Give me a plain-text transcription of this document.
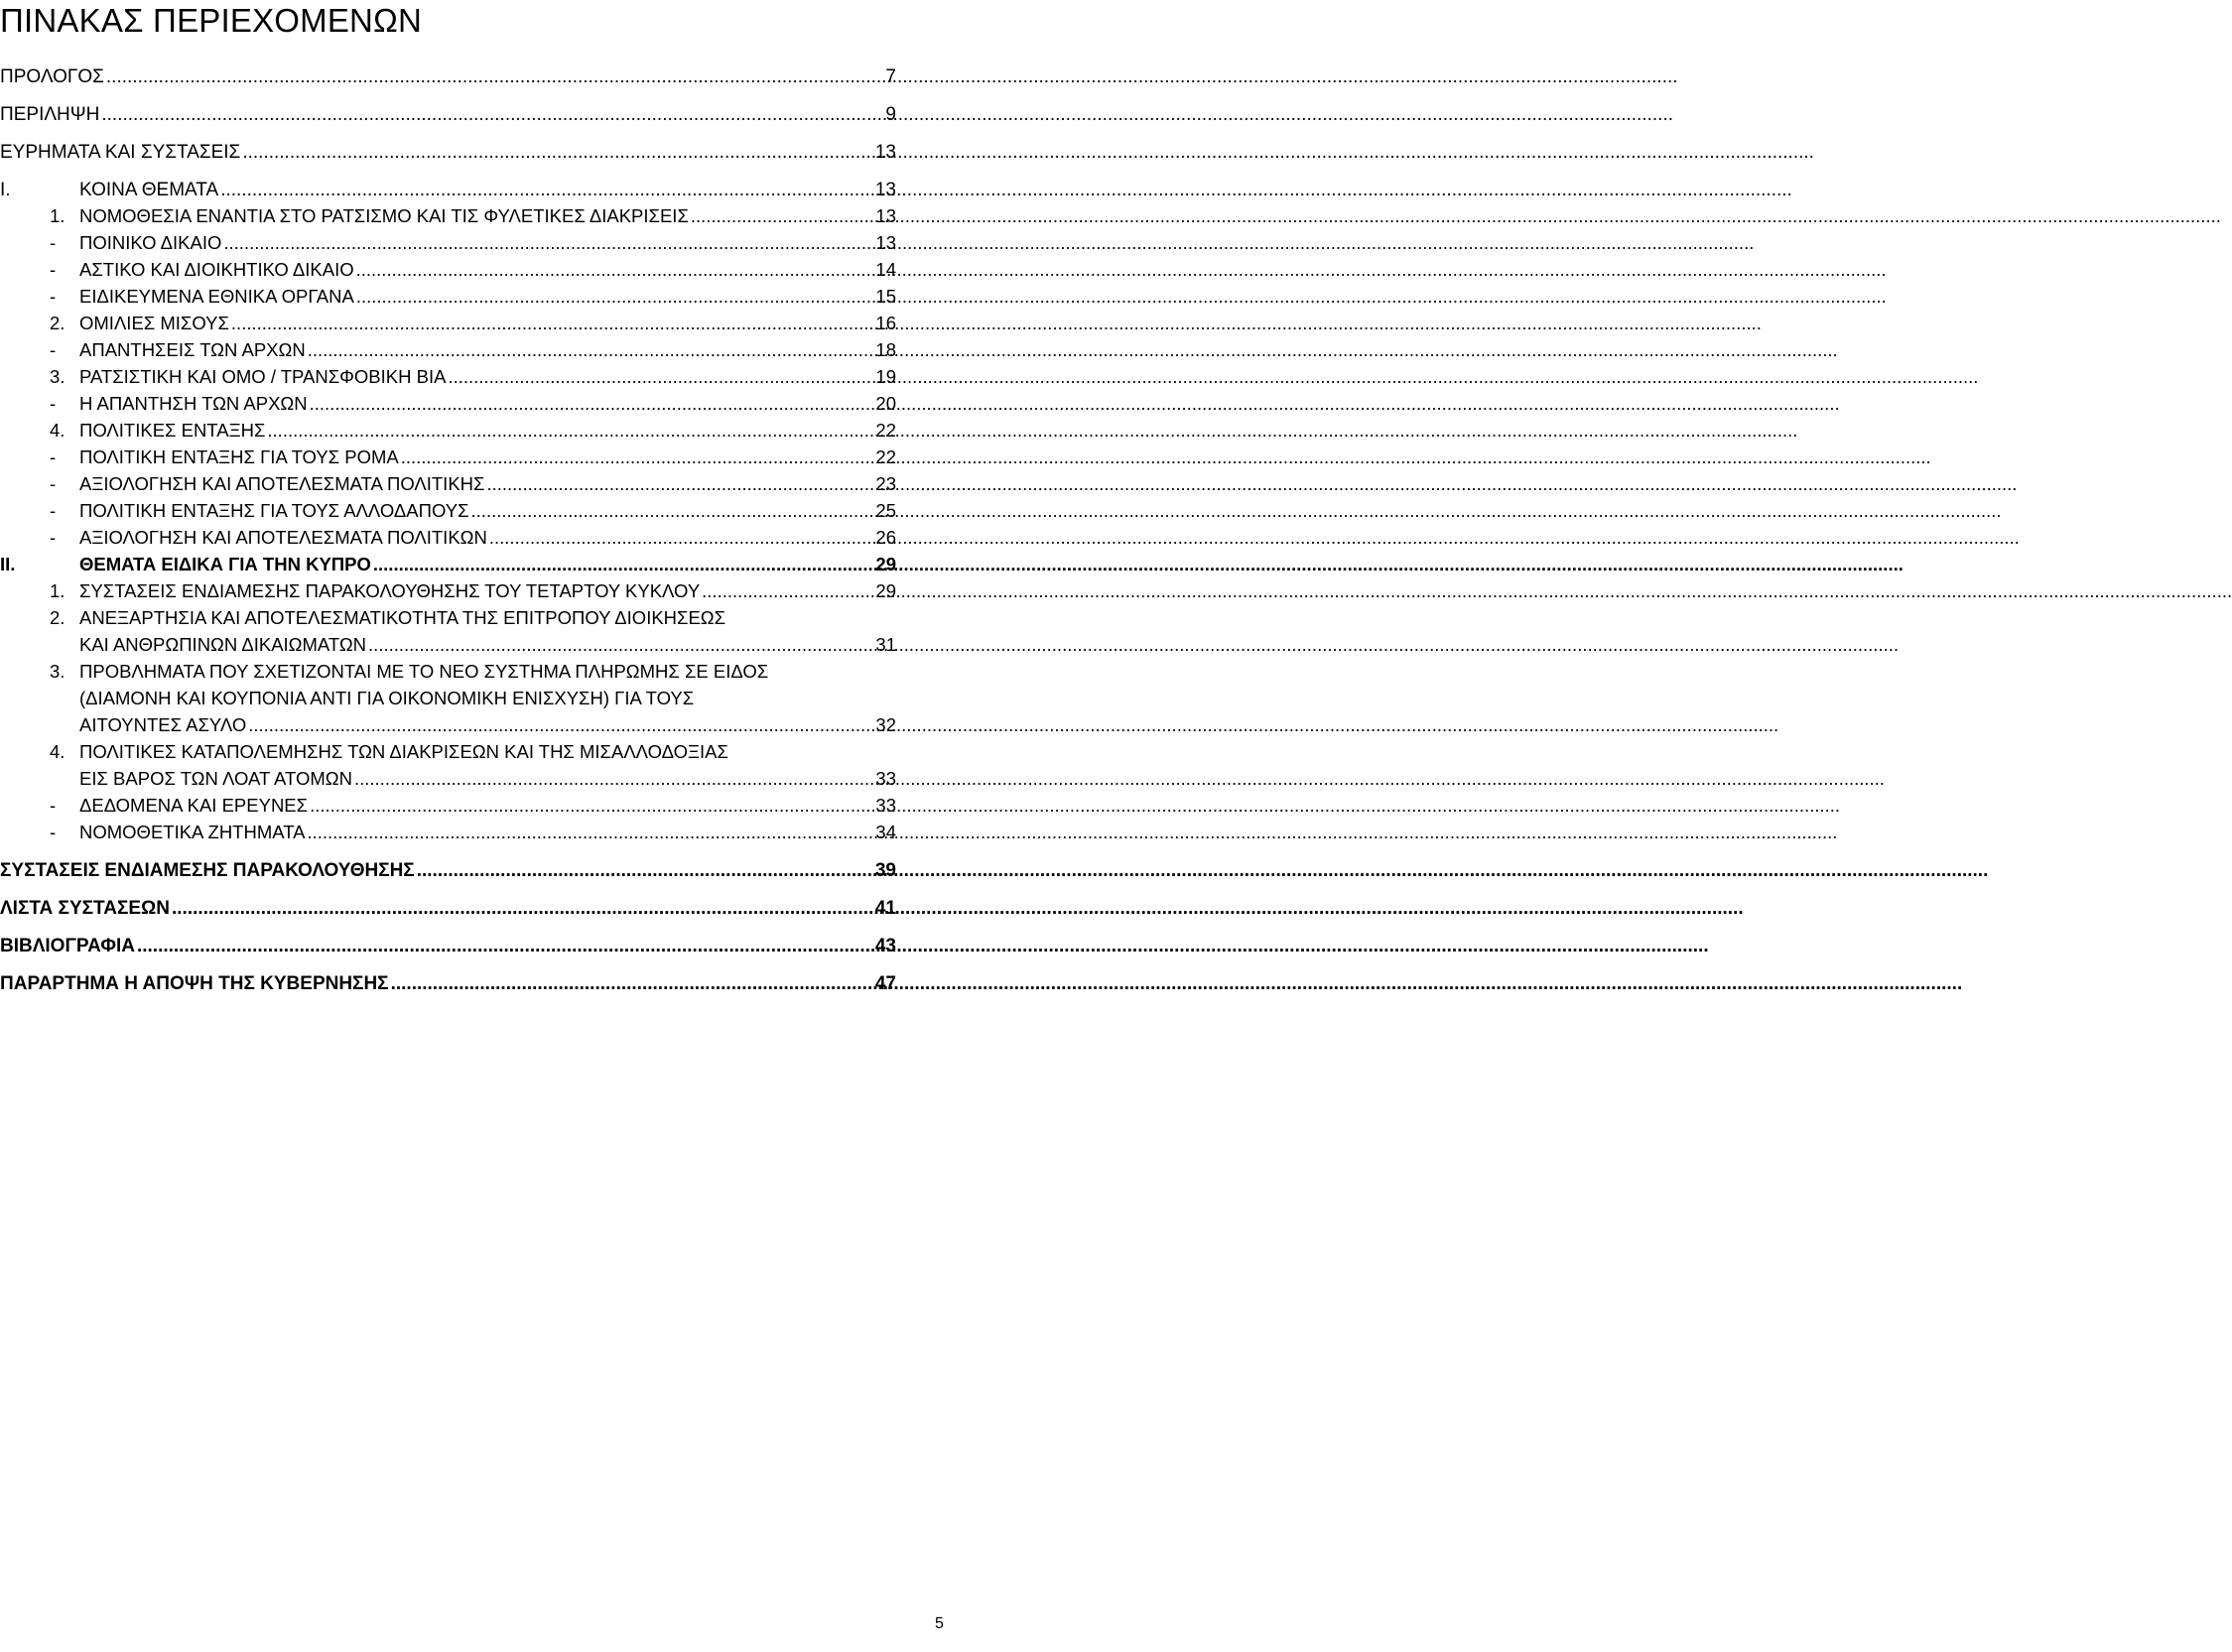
ΠΙΝΑΚΑΣ ΠΕΡΙΕΧΟΜΕΝΩΝ
ΠΡΟΛΟΓΟΣ .....	7
ΠΕΡΙΛΗΨΗ .....	9
ΕΥΡΗΜΑΤΑ ΚΑΙ ΣΥΣΤΑΣΕΙΣ .....	13
I.	ΚΟΙΝΑ ΘΕΜΑΤΑ .....	13
1. ΝΟΜΟΘΕΣΙΑ ΕΝΑΝΤΙΑ ΣΤΟ ΡΑΤΣΙΣΜΟ ΚΑΙ ΤΙΣ ΦΥΛΕΤΙΚΕΣ ΔΙΑΚΡΙΣΕΙΣ .....	13
-	ΠΟΙΝΙΚΟ ΔΙΚΑΙΟ .....	13
-	ΑΣΤΙΚΟ ΚΑΙ ΔΙΟΙΚΗΤΙΚΟ ΔΙΚΑΙΟ .....	14
-	ΕΙΔΙΚΕΥΜΕΝΑ ΕΘΝΙΚΑ ΟΡΓΑΝΑ .....	15
2. ΟΜΙΛΙΕΣ ΜΙΣΟΥΣ .....	16
-	ΑΠΑΝΤΗΣΕΙΣ ΤΩΝ ΑΡΧΩΝ .....	18
3. ΡΑΤΣΙΣΤΙΚΗ ΚΑΙ ΟΜΟ / ΤΡΑΝΣΦΟΒΙΚΗ ΒΙΑ .....	19
-	Η ΑΠΑΝΤΗΣΗ ΤΩΝ ΑΡΧΩΝ .....	20
4. ΠΟΛΙΤΙΚΕΣ ΕΝΤΑΞΗΣ .....	22
-	ΠΟΛΙΤΙΚΗ ΕΝΤΑΞΗΣ ΓΙΑ ΤΟΥΣ ΡΟΜΑ .....	22
-	ΑΞΙΟΛΟΓΗΣΗ ΚΑΙ ΑΠΟΤΕΛΕΣΜΑΤΑ ΠΟΛΙΤΙΚΗΣ .....	23
-	ΠΟΛΙΤΙΚΗ ΕΝΤΑΞΗΣ ΓΙΑ ΤΟΥΣ ΑΛΛΟΔΑΠΟΥΣ .....	25
-	ΑΞΙΟΛΟΓΗΣΗ ΚΑΙ ΑΠΟΤΕΛΕΣΜΑΤΑ ΠΟΛΙΤΙΚΩΝ .....	26
II.	ΘΕΜΑΤΑ ΕΙΔΙΚΑ ΓΙΑ ΤΗΝ ΚΥΠΡΟ .....	29
1. ΣΥΣΤΑΣΕΙΣ ΕΝΔΙΑΜΕΣΗΣ ΠΑΡΑΚΟΛΟΥΘΗΣΗΣ ΤΟΥ ΤΕΤΑΡΤΟΥ ΚΥΚΛΟΥ .....	29
2. ΑΝΕΞΑΡΤΗΣΙΑ ΚΑΙ ΑΠΟΤΕΛΕΣΜΑΤΙΚΟΤΗΤΑ ΤΗΣ ΕΠΙΤΡΟΠΟΥ ΔΙΟΙΚΗΣΕΩΣ
ΚΑΙ ΑΝΘΡΩΠΙΝΩΝ ΔΙΚΑΙΩΜΑΤΩΝ .....	31
3. ΠΡΟΒΛΗΜΑΤΑ ΠΟΥ ΣΧΕΤΙΖΟΝΤΑΙ ΜΕ ΤΟ ΝΕΟ ΣΥΣΤΗΜΑ ΠΛΗΡΩΜΗΣ ΣΕ ΕΙΔΟΣ
(ΔΙΑΜΟΝΗ ΚΑΙ ΚΟΥΠΟΝΙΑ ΑΝΤΙ ΓΙΑ ΟΙΚΟΝΟΜΙΚΗ ΕΝΙΣΧΥΣΗ) ΓΙΑ ΤΟΥΣ
ΑΙΤΟΥΝΤΕΣ ΑΣΥΛΟ .....	32
4. ΠΟΛΙΤΙΚΕΣ ΚΑΤΑΠΟΛΕΜΗΣΗΣ ΤΩΝ ΔΙΑΚΡΙΣΕΩΝ ΚΑΙ ΤΗΣ ΜΙΣΑΛΛΟΔΟΞΙΑΣ
ΕΙΣ ΒΑΡΟΣ ΤΩΝ ΛΟΑΤ ΑΤΟΜΩΝ .....	33
-	ΔΕΔΟΜΕΝΑ ΚΑΙ ΕΡΕΥΝΕΣ .....	33
-	ΝΟΜΟΘΕΤΙΚΑ ΖΗΤΗΜΑΤΑ .....	34
ΣΥΣΤΑΣΕΙΣ ΕΝΔΙΑΜΕΣΗΣ ΠΑΡΑΚΟΛΟΥΘΗΣΗΣ .....	39
ΛΙΣΤΑ ΣΥΣΤΑΣΕΩΝ .....	41
ΒΙΒΛΙΟΓΡΑΦΙΑ .....	43
ΠΑΡΑΡΤΗΜΑ Η ΑΠΟΨΗ ΤΗΣ ΚΥΒΕΡΝΗΣΗΣ .....	47

5
